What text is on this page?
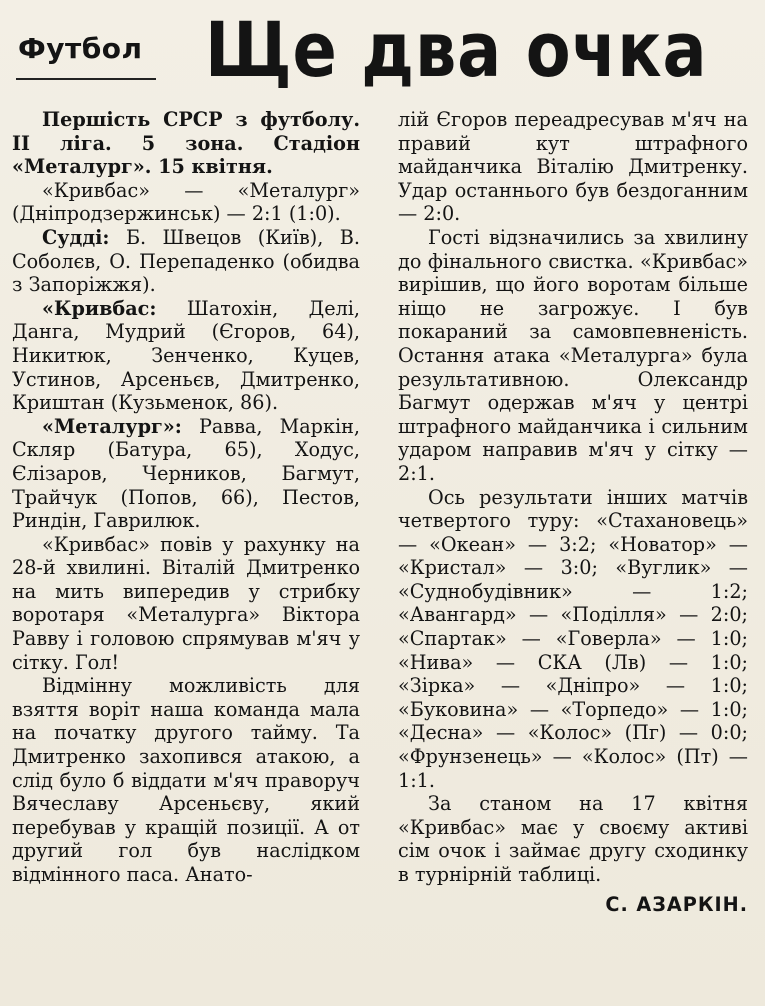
Футбол Ще два очка

Першість СРСР з футболу. II ліга. 5 зона. Стадіон «Металург». 15 квітня.

«Кривбас» — «Металург» (Дніпродзержинськ) — 2:1 (1:0).

Судді: Б. Швецов (Київ), В. Соболєв, О. Перепаденко (обидва з Запоріжжя).

«Кривбас: Шатохін, Делі, Данга, Мудрий (Єгоров, 64), Никитюк, Зенченко, Куцев, Устинов, Арсеньєв, Дмитренко, Криштан (Кузьменок, 86).

«Металург»: Равва, Маркін, Скляр (Батура, 65), Ходус, Єлізаров, Черников, Багмут, Трайчук (Попов, 66), Пестов, Риндін, Гаврилюк.

«Кривбас» повів у рахунку на 28-й хвилині. Віталій Дмитренко на мить випередив у стрибку воротаря «Металурга» Віктора Равву і головою спрямував м'яч у сітку. Гол!

Відмінну можливість для взяття воріт наша команда мала на початку другого тайму. Та Дмитренко захопився атакою, а слід було б віддати м'яч праворуч Вячеславу Арсеньєву, який перебував у кращій позиції. А от другий гол був наслідком відмінного паса. Анато-

лій Єгоров переадресував м'яч на правий кут штрафного майданчика Віталію Дмитренку. Удар останнього був бездоганним — 2:0.

Гості відзначились за хвилину до фінального свистка. «Кривбас» вирішив, що його воротам більше ніщо не загрожує. І був покараний за самовпевненість. Остання атака «Металурга» була результативною. Олександр Багмут одержав м'яч у центрі штрафного майданчика і сильним ударом направив м'яч у сітку — 2:1.

Ось результати інших матчів четвертого туру: «Стахановець» — «Океан» — 3:2; «Новатор» — «Кристал» — 3:0; «Вуглик» — «Суднобудівник» — 1:2; «Авангард» — «Поділля» — 2:0; «Спартак» — «Говерла» — 1:0; «Нива» — СКА (Лв) — 1:0; «Зірка» — «Дніпро» — 1:0; «Буковина» — «Торпедо» — 1:0; «Десна» — «Колос» (Пг) — 0:0; «Фрунзенець» — «Колос» (Пт) — 1:1.

За станом на 17 квітня «Кривбас» має у своєму активі сім очок і займає другу сходинку в турнірній таблиці.

С. АЗАРКІН.
